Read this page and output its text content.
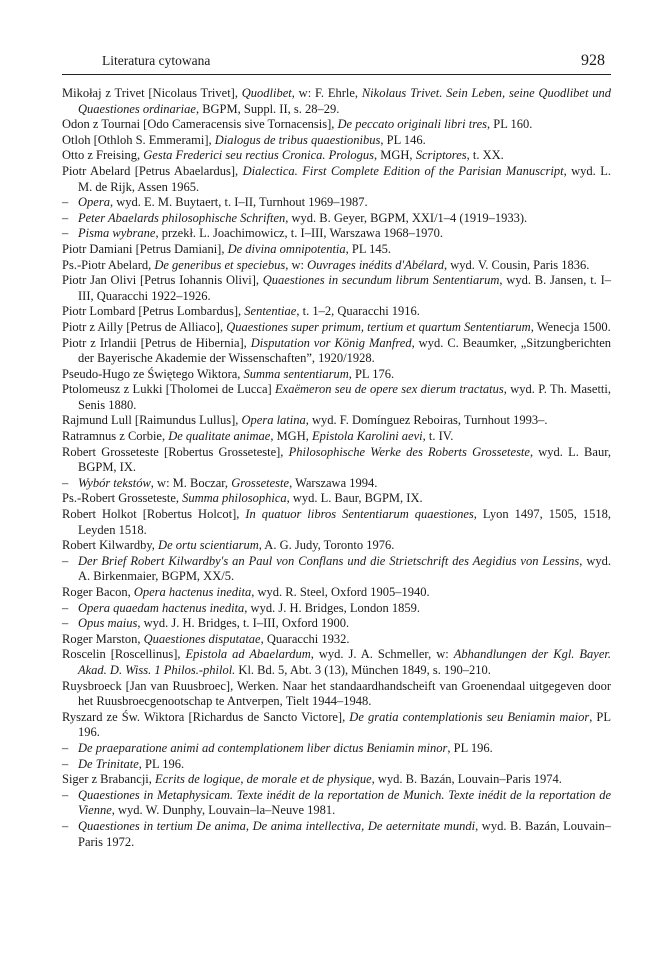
Literatura cytowana	928

Mikołaj z Trivet [Nicolaus Trivet], Quodlibet, w: F. Ehrle, Nikolaus Trivet. Sein Leben, seine Quodlibet und Quaestiones ordinariae, BGPM, Suppl. II, s. 28–29.

Odon z Tournai [Odo Cameracensis sive Tornacensis], De peccato originali libri tres, PL 160.

Otloh [Othloh S. Emmerami], Dialogus de tribus quaestionibus, PL 146.

Otto z Freising, Gesta Frederici seu rectius Cronica. Prologus, MGH, Scriptores, t. XX.

Piotr Abelard [Petrus Abaelardus], Dialectica. First Complete Edition of the Parisian Manuscript, wyd. L. M. de Rijk, Assen 1965.

– Opera, wyd. E. M. Buytaert, t. I–II, Turnhout 1969–1987.

– Peter Abaelards philosophische Schriften, wyd. B. Geyer, BGPM, XXI/1–4 (1919–1933).

– Pisma wybrane, przekł. L. Joachimowicz, t. I–III, Warszawa 1968–1970.

Piotr Damiani [Petrus Damiani], De divina omnipotentia, PL 145.

Ps.-Piotr Abelard, De generibus et speciebus, w: Ouvrages inédits d'Abélard, wyd. V. Cousin, Paris 1836.

Piotr Jan Olivi [Petrus Iohannis Olivi], Quaestiones in secundum librum Sententiarum, wyd. B. Jansen, t. I–III, Quaracchi 1922–1926.

Piotr Lombard [Petrus Lombardus], Sententiae, t. 1–2, Quaracchi 1916.

Piotr z Ailly [Petrus de Alliaco], Quaestiones super primum, tertium et quartum Sententiarum, Wenecja 1500.

Piotr z Irlandii [Petrus de Hibernia], Disputation vor König Manfred, wyd. C. Beaumker, „Sitzungberichten der Bayerische Akademie der Wissenschaften”, 1920/1928.

Pseudo-Hugo ze Świętego Wiktora, Summa sententiarum, PL 176.

Ptolomeusz z Lukki [Tholomei de Lucca] Exaëmeron seu de opere sex dierum tractatus, wyd. P. Th. Masetti, Senis 1880.

Rajmund Lull [Raimundus Lullus], Opera latina, wyd. F. Domínguez Reboiras, Turnhout 1993–.

Ratramnus z Corbie, De qualitate animae, MGH, Epistola Karolini aevi, t. IV.

Robert Grosseteste [Robertus Grosseteste], Philosophische Werke des Roberts Grosseteste, wyd. L. Baur, BGPM, IX.

– Wybór tekstów, w: M. Boczar, Grosseteste, Warszawa 1994.

Ps.-Robert Grosseteste, Summa philosophica, wyd. L. Baur, BGPM, IX.

Robert Holkot [Robertus Holcot], In quatuor libros Sententiarum quaestiones, Lyon 1497, 1505, 1518, Leyden 1518.

Robert Kilwardby, De ortu scientiarum, A. G. Judy, Toronto 1976.

– Der Brief Robert Kilwardby's an Paul von Conflans und die Strietschrift des Aegidius von Lessins, wyd. A. Birkenmaier, BGPM, XX/5.

Roger Bacon, Opera hactenus inedita, wyd. R. Steel, Oxford 1905–1940.

– Opera quaedam hactenus inedita, wyd. J. H. Bridges, London 1859.

– Opus maius, wyd. J. H. Bridges, t. I–III, Oxford 1900.

Roger Marston, Quaestiones disputatae, Quaracchi 1932.

Roscelin [Roscellinus], Epistola ad Abaelardum, wyd. J. A. Schmeller, w: Abhandlungen der Kgl. Bayer. Akad. D. Wiss. 1 Philos.-philol. Kl. Bd. 5, Abt. 3 (13), München 1849, s. 190–210.

Ruysbroeck [Jan van Ruusbroec], Werken. Naar het standaardhandscheift van Groenendaal uitgegeven door het Ruusbroecgenootschap te Antverpen, Tielt 1944–1948.

Ryszard ze Św. Wiktora [Richardus de Sancto Victore], De gratia contemplationis seu Beniamin maior, PL 196.

– De praeparatione animi ad contemplationem liber dictus Beniamin minor, PL 196.

– De Trinitate, PL 196.

Siger z Brabancji, Ecrits de logique, de morale et de physique, wyd. B. Bazán, Louvain–Paris 1974.

– Quaestiones in Metaphysicam. Texte inédit de la reportation de Munich. Texte inédit de la reportation de Vienne, wyd. W. Dunphy, Louvain–la–Neuve 1981.

– Quaestiones in tertium De anima, De anima intellectiva, De aeternitate mundi, wyd. B. Bazán, Louvain–Paris 1972.
